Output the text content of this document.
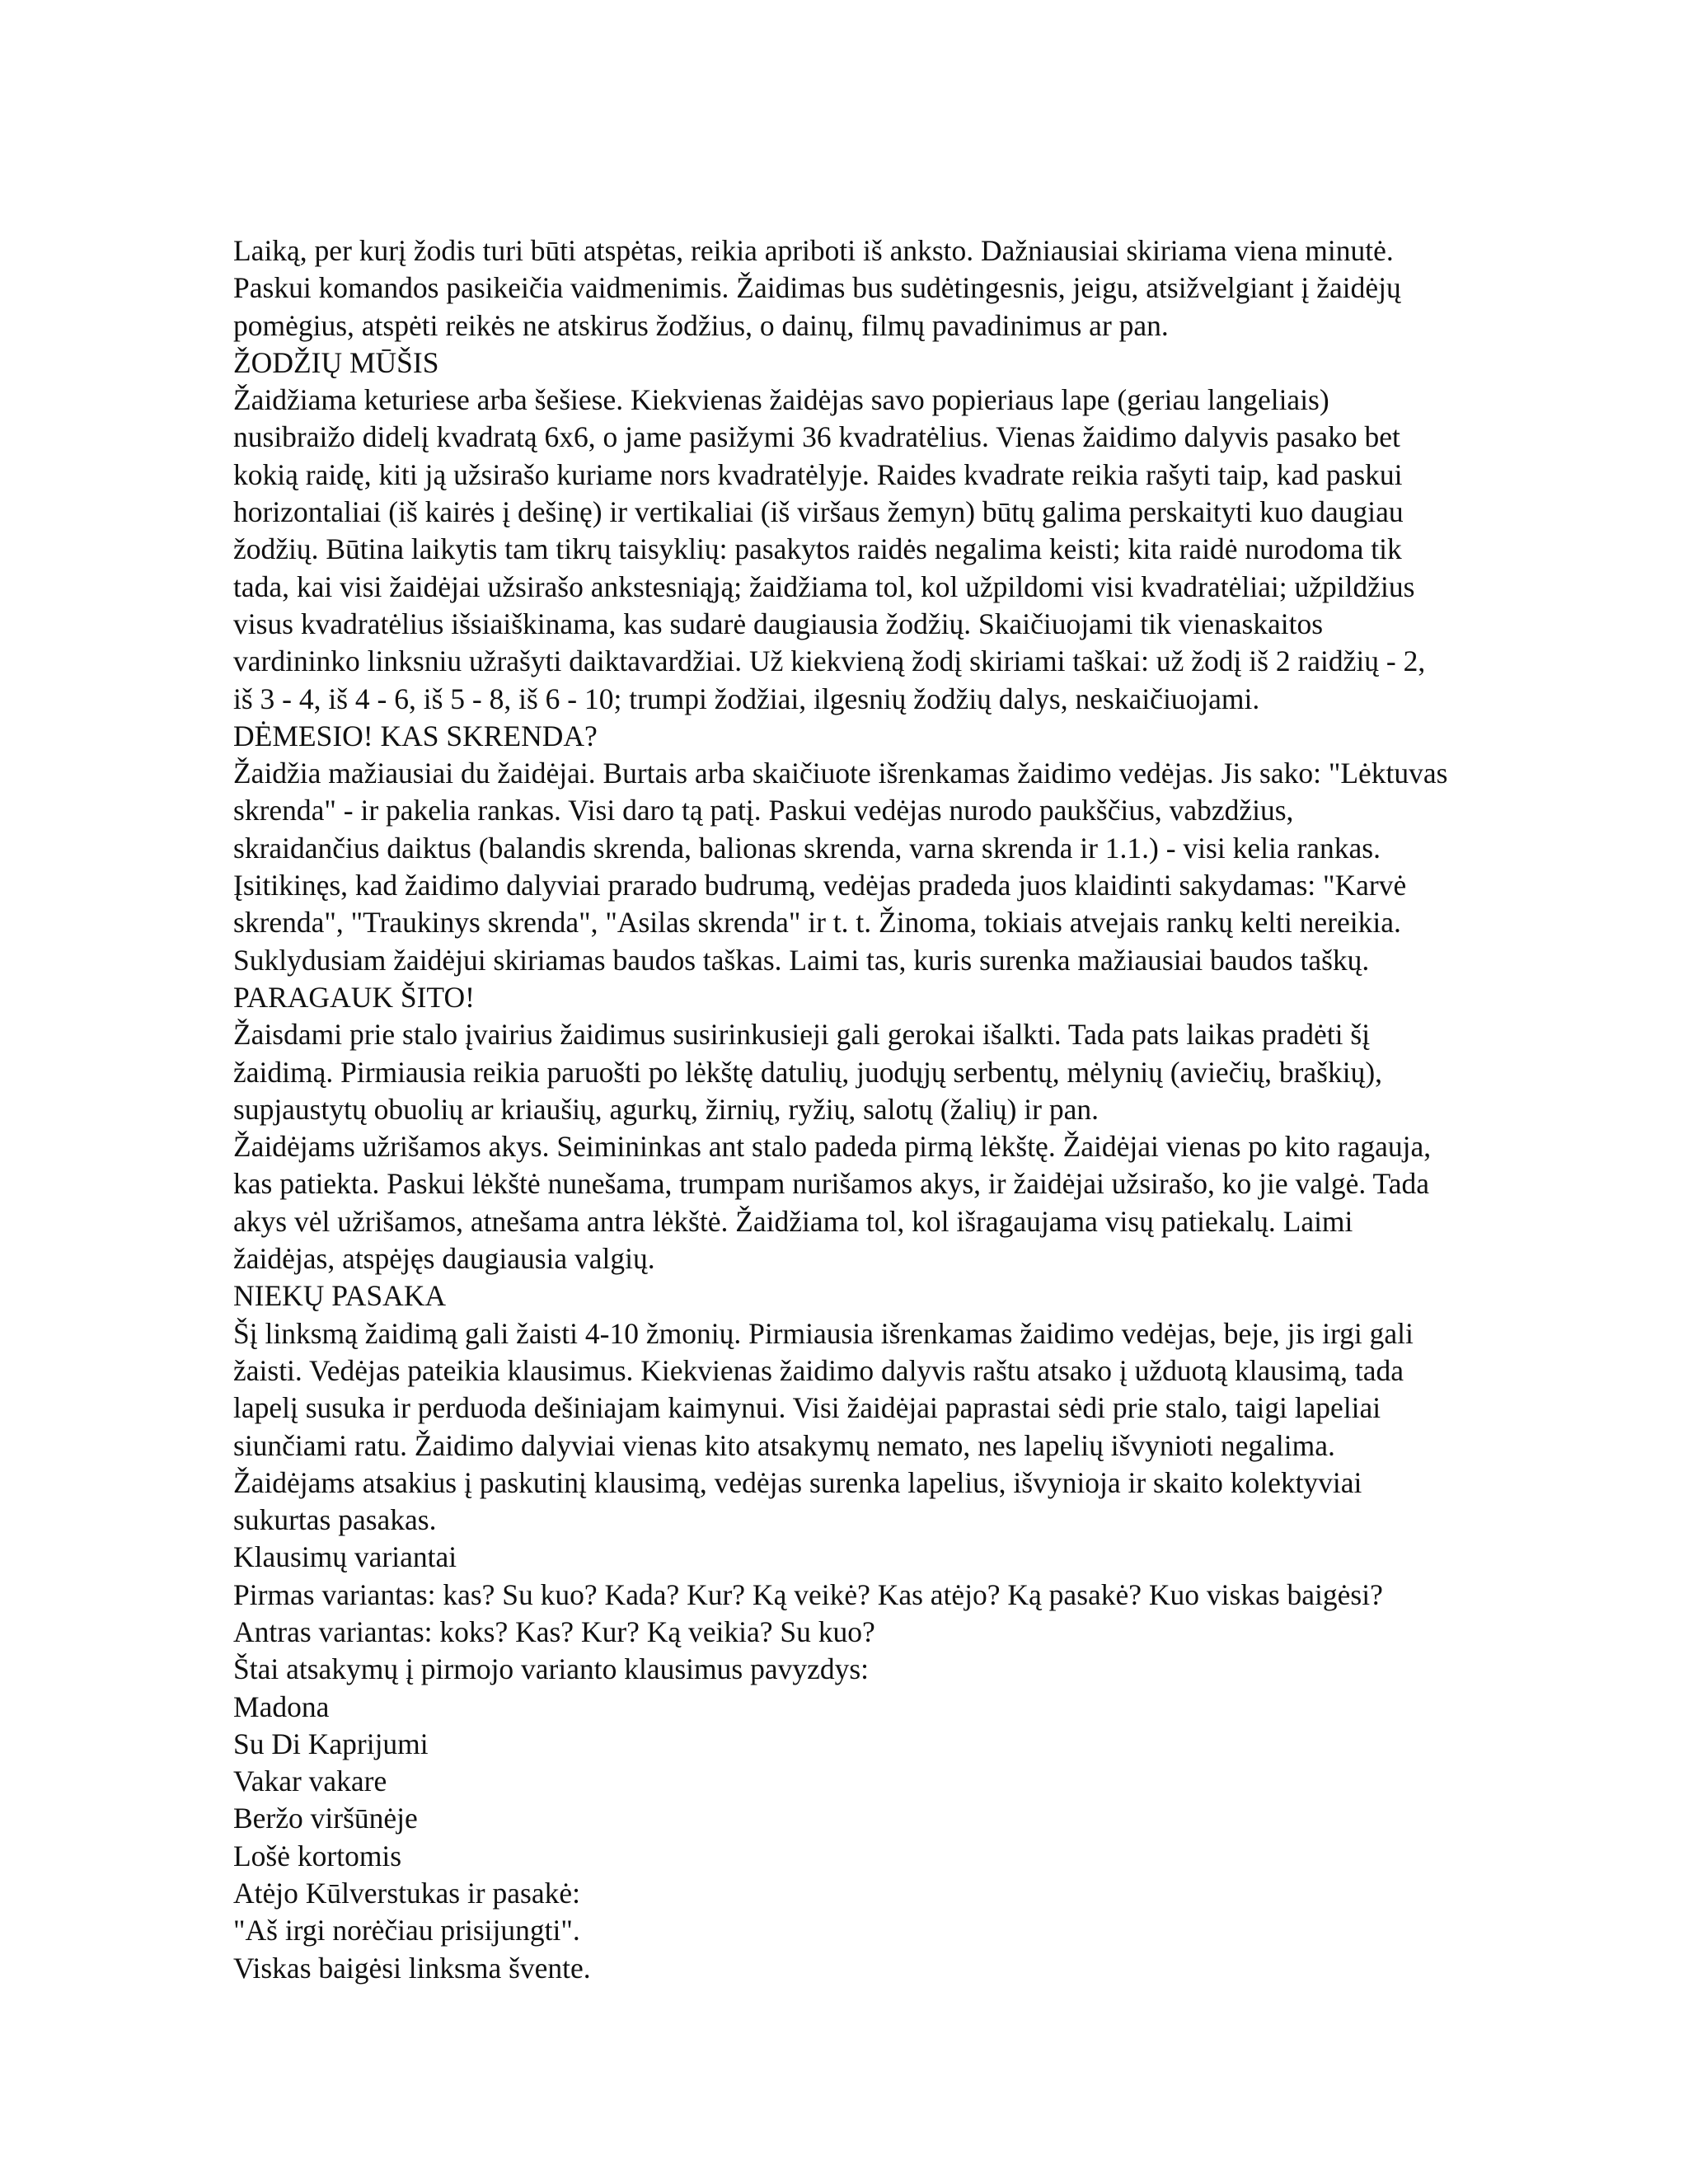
Laiką, per kurį žodis turi būti atspėtas, reikia apriboti iš anksto. Dažniausiai skiriama viena minutė.
Paskui komandos pasikeičia vaidmenimis. Žaidimas bus sudėtingesnis, jeigu, atsižvelgiant į žaidėjų
pomėgius, atspėti reikės ne atskirus žodžius, o dainų, filmų pavadinimus ar pan.
ŽODŽIŲ MŪŠIS
Žaidžiama keturiese arba šešiese. Kiekvienas žaidėjas savo popieriaus lape (geriau langeliais)
nusibraižo didelį kvadratą 6x6, o jame pasižymi 36 kvadratėlius. Vienas žaidimo dalyvis pasako bet
kokią raidę, kiti ją užsirašo kuriame nors kvadratėlyje. Raides kvadrate reikia rašyti taip, kad paskui
horizontaliai (iš kairės į dešinę) ir vertikaliai (iš viršaus žemyn) būtų galima perskaityti kuo daugiau
žodžių. Būtina laikytis tam tikrų taisyklių: pasakytos raidės negalima keisti; kita raidė nurodoma tik
tada, kai visi žaidėjai užsirašo ankstesniąją; žaidžiama tol, kol užpildomi visi kvadratėliai; užpildžius
visus kvadratėlius išsiaiškinama, kas sudarė daugiausia žodžių. Skaičiuojami tik vienaskaitos
vardininko linksniu užrašyti daiktavardžiai. Už kiekvieną žodį skiriami taškai: už žodį iš 2 raidžių - 2,
iš 3 - 4, iš 4 - 6, iš 5 - 8, iš 6 - 10; trumpi žodžiai, ilgesnių žodžių dalys, neskaičiuojami.
DĖMESIO! KAS SKRENDA?
Žaidžia mažiausiai du žaidėjai. Burtais arba skaičiuote išrenkamas žaidimo vedėjas. Jis sako: "Lėktuvas
skrenda" - ir pakelia rankas. Visi daro tą patį. Paskui vedėjas nurodo paukščius, vabzdžius,
skraidančius daiktus (balandis skrenda, balionas skrenda, varna skrenda ir 1.1.) - visi kelia rankas.
Įsitikinęs, kad žaidimo dalyviai prarado budrumą, vedėjas pradeda juos klaidinti sakydamas: "Karvė
skrenda", "Traukinys skrenda", "Asilas skrenda" ir t. t. Žinoma, tokiais atvejais rankų kelti nereikia.
Suklydusiam žaidėjui skiriamas baudos taškas. Laimi tas, kuris surenka mažiausiai baudos taškų.
PARAGAUK ŠITO!
Žaisdami prie stalo įvairius žaidimus susirinkusieji gali gerokai išalkti. Tada pats laikas pradėti šį
žaidimą. Pirmiausia reikia paruošti po lėkštę datulių, juodųjų serbentų, mėlynių (aviečių, braškių),
supjaustytų obuolių ar kriaušių, agurkų, žirnių, ryžių, salotų (žalių) ir pan.
Žaidėjams užrišamos akys. Seimininkas ant stalo padeda pirmą lėkštę. Žaidėjai vienas po kito ragauja,
kas patiekta. Paskui lėkštė nunešama, trumpam nurišamos akys, ir žaidėjai užsirašo, ko jie valgė. Tada
akys vėl užrišamos, atnešama antra lėkštė. Žaidžiama tol, kol išragaujama visų patiekalų. Laimi
žaidėjas, atspėjęs daugiausia valgių.
NIEKŲ PASAKA
Šį linksmą žaidimą gali žaisti 4-10 žmonių. Pirmiausia išrenkamas žaidimo vedėjas, beje, jis irgi gali
žaisti. Vedėjas pateikia klausimus. Kiekvienas žaidimo dalyvis raštu atsako į užduotą klausimą, tada
lapelį susuka ir perduoda dešiniajam kaimynui. Visi žaidėjai paprastai sėdi prie stalo, taigi lapeliai
siunčiami ratu. Žaidimo dalyviai vienas kito atsakymų nemato, nes lapelių išvynioti negalima.
Žaidėjams atsakius į paskutinį klausimą, vedėjas surenka lapelius, išvynioja ir skaito kolektyviai
sukurtas pasakas.
Klausimų variantai
Pirmas variantas: kas? Su kuo? Kada? Kur? Ką veikė? Kas atėjo? Ką pasakė? Kuo viskas baigėsi?
Antras variantas: koks? Kas? Kur? Ką veikia? Su kuo?
Štai atsakymų į pirmojo varianto klausimus pavyzdys:
Madona
Su Di Kaprijumi
Vakar vakare
Beržo viršūnėje
Lošė kortomis
Atėjo Kūlverstukas ir pasakė:
"Aš irgi norėčiau prisijungti".
Viskas baigėsi linksma švente.
